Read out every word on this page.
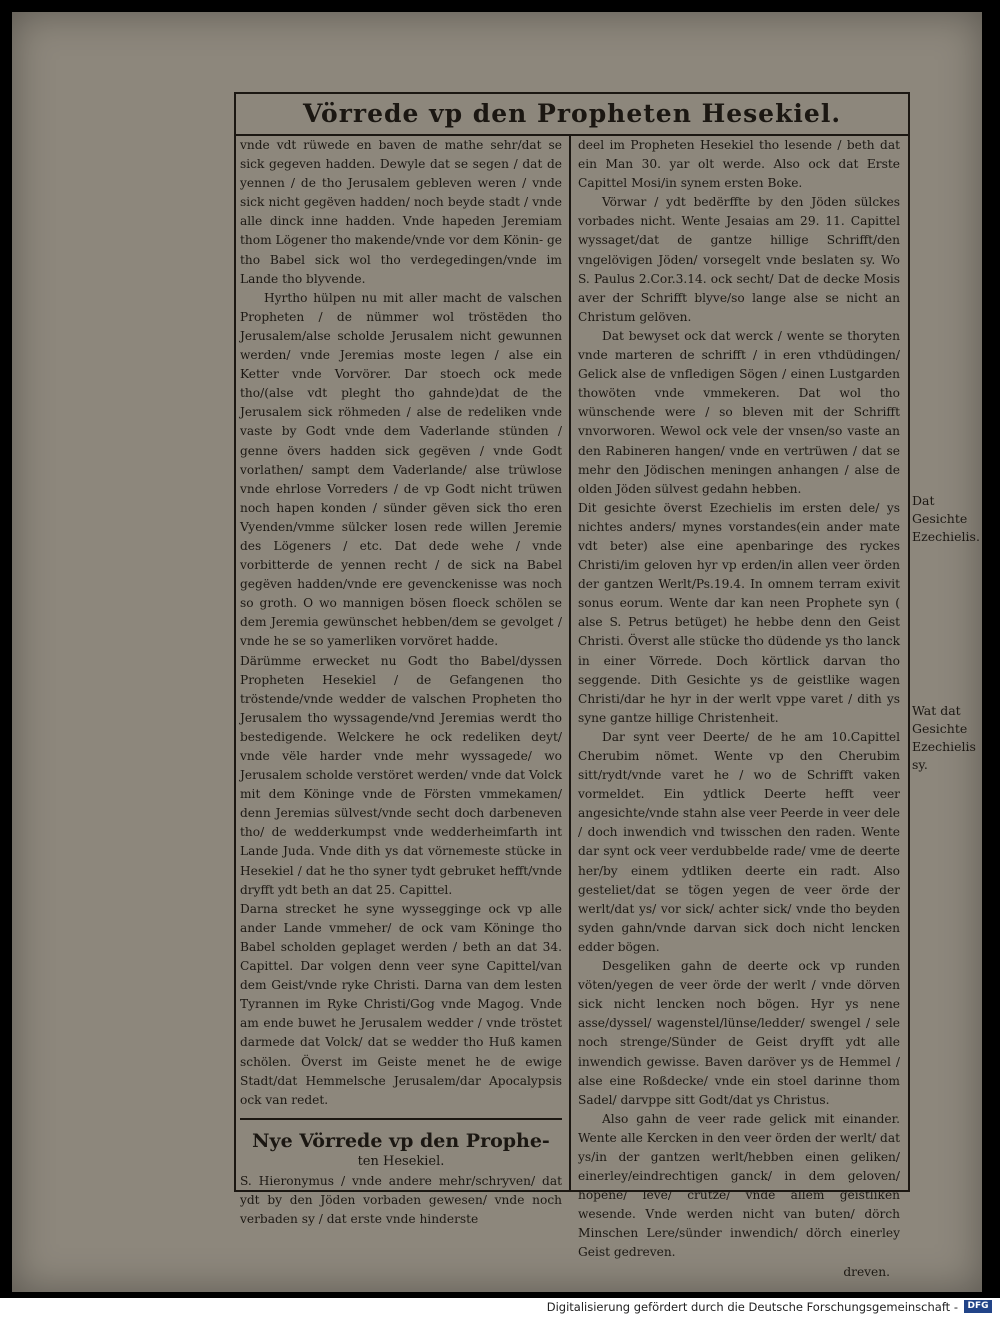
Vörrede vp den Propheten Hesekiel.

vnde vdt rüwede en baven de mathe sehr/dat se sick gegeven hadden. Dewyle dat se segen / dat de yennen / de tho Jerusalem gebleven weren / vnde sick nicht gegëven hadden/ noch beyde stadt / vnde alle dinck inne hadden. Vnde hapeden Jeremiam thom Lögener tho makende/vnde vor dem Könin- ge tho Babel sick wol tho verdegedingen/vnde im Lande tho blyvende.

Hyrtho hülpen nu mit aller macht de valschen Propheten / de nümmer wol tröstëden tho Jerusalem/alse scholde Jerusalem nicht gewunnen werden/ vnde Jeremias moste legen / alse ein Ketter vnde Vorvörer. Dar stoech ock mede tho/(alse vdt pleght tho gahnde)dat de the Jerusalem sick röhmeden / alse de redeliken vnde vaste by Godt vnde dem Vaderlande stünden / genne övers hadden sick gegëven / vnde Godt vorlathen/ sampt dem Vaderlande/ alse trüwlose vnde ehrlose Vorreders / de vp Godt nicht trüwen noch hapen konden / sünder gëven sick tho eren Vyenden/vmme sülcker losen rede willen Jeremie des Lögeners / etc. Dat dede wehe / vnde vorbitterde de yennen recht / de sick na Babel gegëven hadden/vnde ere gevenckenisse was noch so groth. O wo mannigen bösen floeck schölen se dem Jeremia gewünschet hebben/dem se gevolget / vnde he se so yamerliken vorvöret hadde.

Därümme erwecket nu Godt tho Babel/dyssen Propheten Hesekiel / de Gefangenen tho tröstende/vnde wedder de valschen Propheten tho Jerusalem tho wyssagende/vnd Jeremias werdt tho bestedigende. Welckere he ock redeliken deyt/ vnde vële harder vnde mehr wyssagede/ wo Jerusalem scholde verstöret werden/ vnde dat Volck mit dem Köninge vnde de Försten vmmekamen/ denn Jeremias sülvest/vnde secht doch darbeneven tho/ de wedderkumpst vnde wedderheimfarth int Lande Juda. Vnde dith ys dat vörnemeste stücke in Hesekiel / dat he tho syner tydt gebruket hefft/vnde dryfft ydt beth an dat 25. Capittel.

Darna strecket he syne wyssegginge ock vp alle ander Lande vmmeher/ de ock vam Köninge tho Babel scholden geplaget werden / beth an dat 34. Capittel. Dar volgen denn veer syne Capittel/van dem Geist/vnde ryke Christi. Darna van dem lesten Tyrannen im Ryke Christi/Gog vnde Magog. Vnde am ende buwet he Jerusalem wedder / vnde tröstet darmede dat Volck/ dat se wedder tho Huß kamen schölen. Överst im Geiste menet he de ewige Stadt/dat Hemmelsche Jerusalem/dar Apocalypsis ock van redet.

Nye Vörrede vp den Prophe-
ten Hesekiel.

S. Hieronymus / vnde andere mehr/schryven/ dat ydt by den Jöden vorbaden gewesen/ vnde noch verbaden sy / dat erste vnde hinderste

deel im Propheten Hesekiel tho lesende / beth dat ein Man 30. yar olt werde. Also ock dat Erste Capittel Mosi/in synem ersten Boke.

Vörwar / ydt bedërffte by den Jöden sülckes vorbades nicht. Wente Jesaias am 29. 11. Capittel wyssaget/dat de gantze hillige Schrifft/den vngelövigen Jöden/ vorsegelt vnde beslaten sy. Wo S. Paulus 2.Cor.3.14. ock secht/ Dat de decke Mosis aver der Schrifft blyve/so lange alse se nicht an Christum gelöven.

Dat bewyset ock dat werck / wente se thoryten vnde marteren de schrifft / in eren vthdüdingen/ Gelick alse de vnfledigen Sögen / einen Lustgarden thowöten vnde vmmekeren. Dat wol tho wünschende were / so bleven mit der Schrifft vnvorworen. Wewol ock vele der vnsen/so vaste an den Rabineren hangen/ vnde en vertrüwen / dat se mehr den Jödischen meningen anhangen / alse de olden Jöden sülvest gedahn hebben.

Dit gesichte överst Ezechielis im ersten dele/ ys nichtes anders/ mynes vorstandes(ein ander mate vdt beter) alse eine apenbaringe des ryckes Christi/im geloven hyr vp erden/in allen veer örden der gantzen Werlt/Ps.19.4. In omnem terram exivit sonus eorum. Wente dar kan neen Prophete syn ( alse S. Petrus betüget) he hebbe denn den Geist Christi. Överst alle stücke tho düdende ys tho lanck in einer Vörrede. Doch körtlick darvan tho seggende. Dith Gesichte ys de geistlike wagen Christi/dar he hyr in der werlt vppe varet / dith ys syne gantze hillige Christenheit.

Dar synt veer Deerte/ de he am 10.Capittel Cherubim nömet. Wente vp den Cherubim sitt/rydt/vnde varet he / wo de Schrifft vaken vormeldet. Ein ydtlick Deerte hefft veer angesichte/vnde stahn alse veer Peerde in veer dele / doch inwendich vnd twisschen den raden. Wente dar synt ock veer verdubbelde rade/ vme de deerte her/by einem ydtliken deerte ein radt. Also gesteliet/dat se tögen yegen de veer örde der werlt/dat ys/ vor sick/ achter sick/ vnde tho beyden syden gahn/vnde darvan sick doch nicht lencken edder bögen.

Desgeliken gahn de deerte ock vp runden vöten/yegen de veer örde der werlt / vnde dörven sick nicht lencken noch bögen. Hyr ys nene asse/dyssel/ wagenstel/lünse/ledder/ swengel / sele noch strenge/Sünder de Geist dryfft ydt alle inwendich gewisse. Baven daröver ys de Hemmel / alse eine Roßdecke/ vnde ein stoel darinne thom Sadel/ darvppe sitt Godt/dat ys Christus.

Also gahn de veer rade gelick mit einander. Wente alle Kercken in den veer örden der werlt/ dat ys/in der gantzen werlt/hebben einen geliken/ einerley/eindrechtigen ganck/ in dem geloven/ höpene/ leve/ crütze/ vnde allem geistliken wesende. Vnde werden nicht van buten/ dörch Minschen Lere/sünder inwendich/ dörch einerley Geist gedreven.

dreven.

Dat Gesichte Ezechielis.
Wat dat Gesichte Ezechielis sy.
Digitalisierung gefördert durch die Deutsche Forschungsgemeinschaft -	DFG
